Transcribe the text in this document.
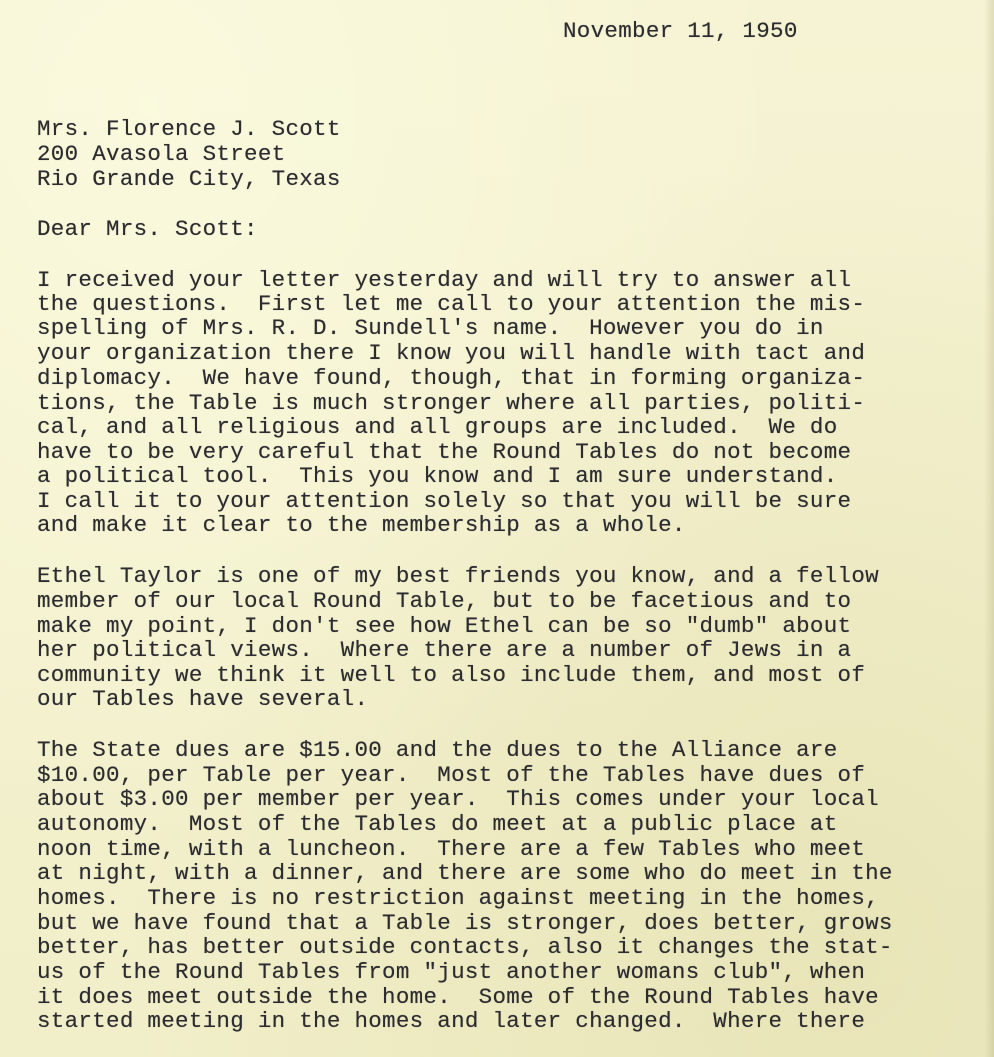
November 11, 1950
Mrs. Florence J. Scott
200 Avasola Street
Rio Grande City, Texas
Dear Mrs. Scott:
I received your letter yesterday and will try to answer all
the questions.  First let me call to your attention the mis-
spelling of Mrs. R. D. Sundell's name.  However you do in
your organization there I know you will handle with tact and
diplomacy.  We have found, though, that in forming organiza-
tions, the Table is much stronger where all parties, politi-
cal, and all religious and all groups are included.  We do
have to be very careful that the Round Tables do not become
a political tool.  This you know and I am sure understand.
I call it to your attention solely so that you will be sure
and make it clear to the membership as a whole.
Ethel Taylor is one of my best friends you know, and a fellow
member of our local Round Table, but to be facetious and to
make my point, I don't see how Ethel can be so "dumb" about
her political views.  Where there are a number of Jews in a
community we think it well to also include them, and most of
our Tables have several.
The State dues are $15.00 and the dues to the Alliance are
$10.00, per Table per year.  Most of the Tables have dues of
about $3.00 per member per year.  This comes under your local
autonomy.  Most of the Tables do meet at a public place at
noon time, with a luncheon.  There are a few Tables who meet
at night, with a dinner, and there are some who do meet in the
homes.  There is no restriction against meeting in the homes,
but we have found that a Table is stronger, does better, grows
better, has better outside contacts, also it changes the stat-
us of the Round Tables from "just another womans club", when
it does meet outside the home.  Some of the Round Tables have
started meeting in the homes and later changed.  Where there
